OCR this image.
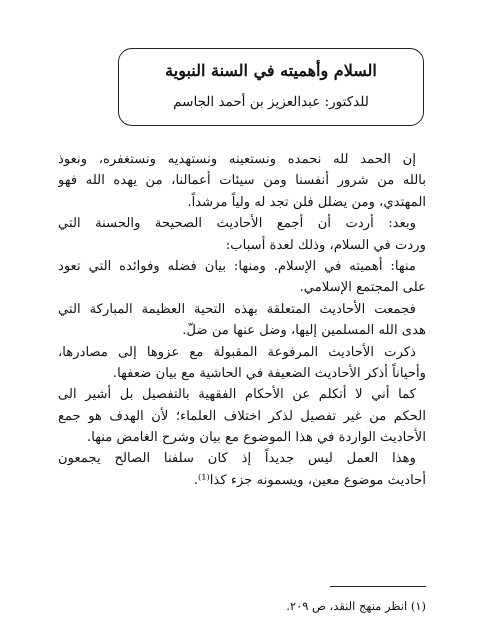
السلام وأهميته في السنة النبوية
للدكتور: عبدالعزيز بن أحمد الجاسم
إن الحمد لله نحمده ونستعينه ونستهديه ونستغفره، ونعوذ
بالله من شرور أنفسنا ومن سيئات أعمالنا، من يهده الله فهو
المهتدي، ومن يضلل فلن تجد له ولياً مرشداً.
وبعد: أردت أن أجمع الأحاديث الصحيحة والحسنة التي
وردت في السلام، وذلك لعدة أسباب:
منها: أهميته في الإسلام. ومنها: بيان فضله وفوائده التي تعود
على المجتمع الإسلامي.
فجمعت الأحاديث المتعلقة بهذه التحية العظيمة المباركة التي
هدى الله المسلمين إليها، وضل عنها من ضلّ.
ذكرت الأحاديث المرفوعة المقبولة مع عزوها إلى مصادرها،
وأحياناً أذكر الأحاديث الضعيفة في الحاشية مع بيان ضعفها.
كما أني لا أتكلم عن الأحكام الفقهية بالتفصيل بل أشير الى
الحكم من غير تفصيل لذكر اختلاف العلماء؛ لأن الهدف هو جمع
الأحاديث الواردة في هذا الموضوع مع بيان وشرح الغامض منها.
وهذا العمل ليس جديداً إذ كان سلفنا الصالح يجمعون
أحاديث موضوع معين، ويسمونه جزء كذا⁽¹⁾.
(١) انظر منهج النقد، ص ٢٠٩.
